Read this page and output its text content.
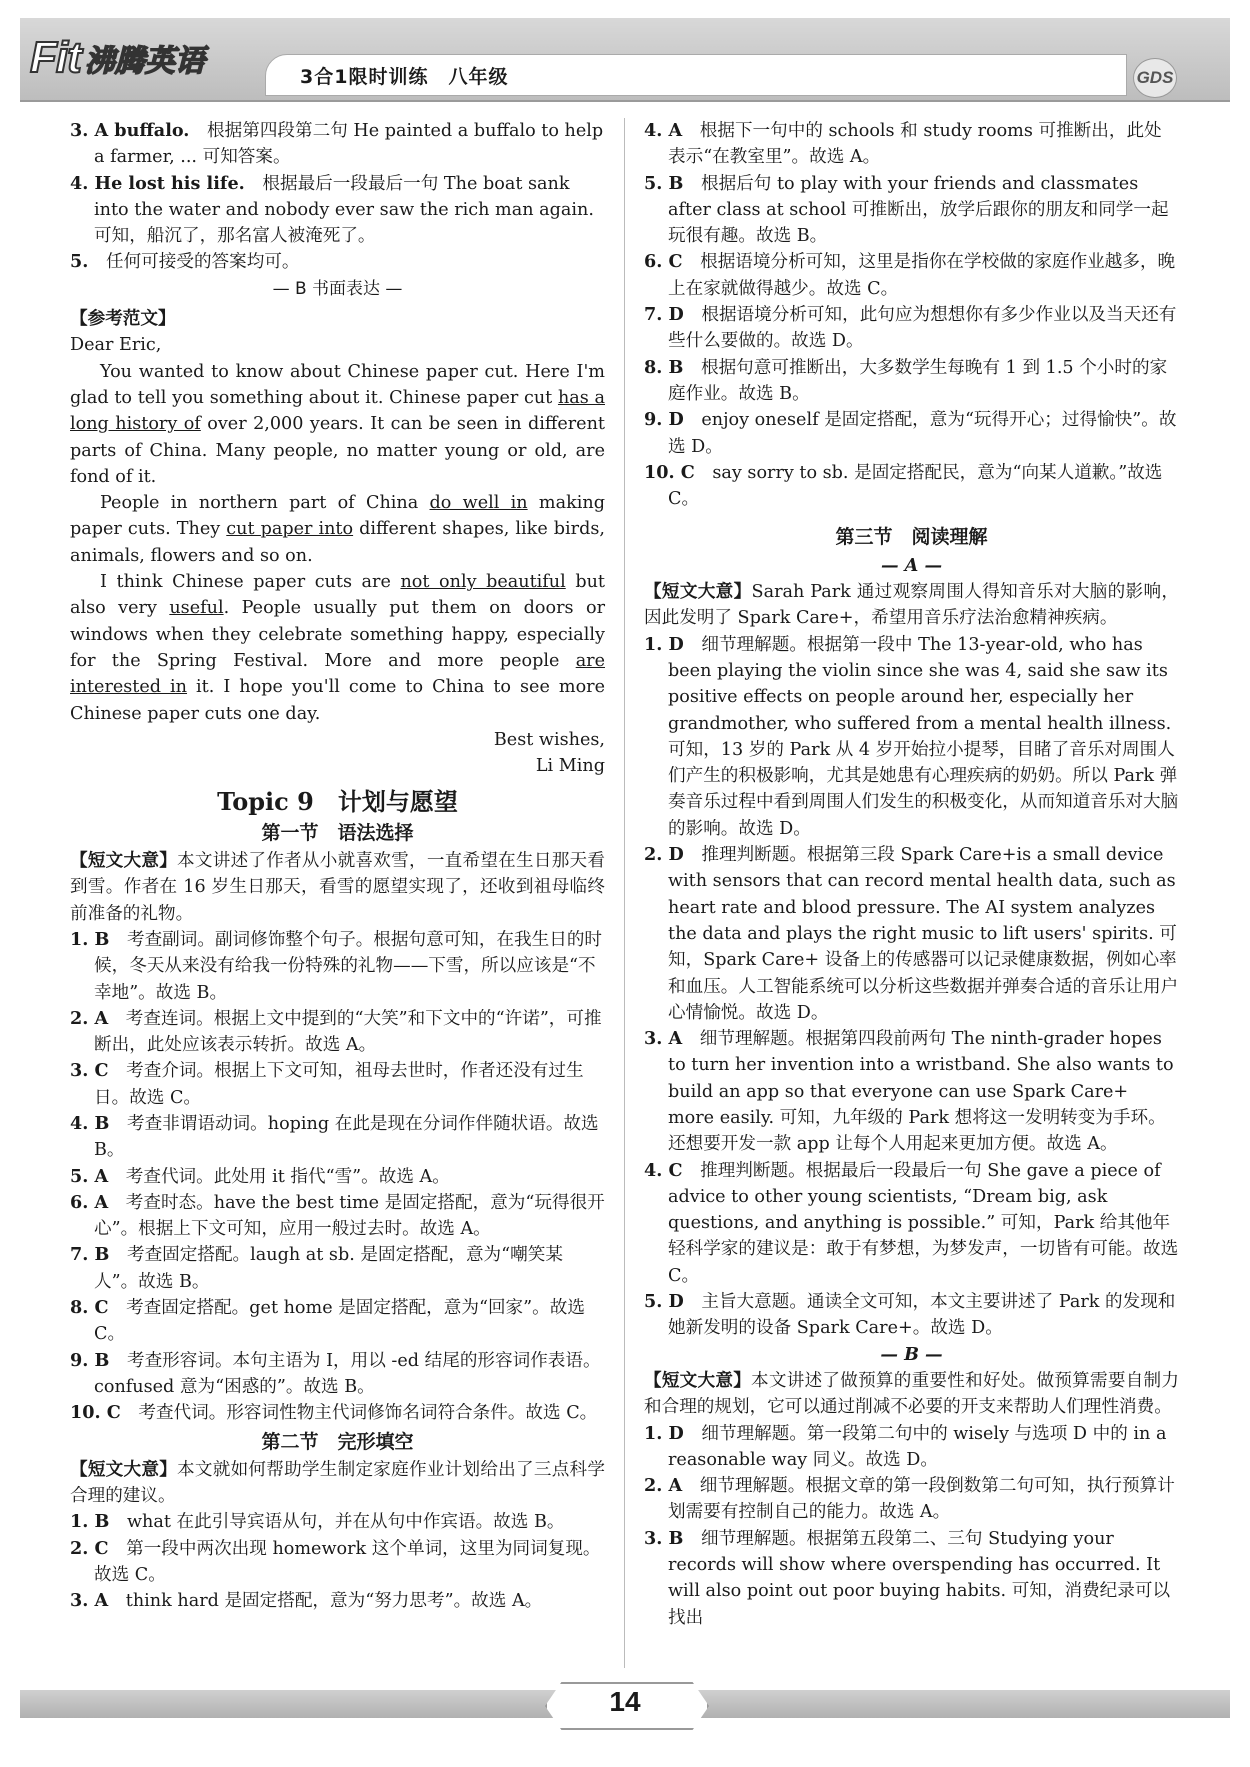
Fit 沸腾英语	3合1限时训练　八年级	GDS

3. A buffalo.　 根据第四段第二句 He painted a buffalo to help a farmer, ... 可知答案。

4. He lost his life.　 根据最后一段最后一句 The boat sank into the water and nobody ever saw the rich man again. 可知，船沉了，那名富人被淹死了。

5.　 任何可接受的答案均可。

— B 书面表达 —

【参考范文】

Dear Eric,

You wanted to know about Chinese paper cut. Here I'm glad to tell you something about it. Chinese paper cut has a long history of over 2,000 years. It can be seen in different parts of China. Many people, no matter young or old, are fond of it.

People in northern part of China do well in making paper cuts. They cut paper into different shapes, like birds, animals, flowers and so on.

I think Chinese paper cuts are not only beautiful but also very useful. People usually put them on doors or windows when they celebrate something happy, especially for the Spring Festival. More and more people are interested in it. I hope you'll come to China to see more Chinese paper cuts one day.

Best wishes,

Li Ming

Topic 9　计划与愿望

第一节　语法选择

【短文大意】本文讲述了作者从小就喜欢雪，一直希望在生日那天看到雪。作者在 16 岁生日那天，看雪的愿望实现了，还收到祖母临终前准备的礼物。

1. B　 考查副词。副词修饰整个句子。根据句意可知，在我生日的时候，冬天从来没有给我一份特殊的礼物——下雪，所以应该是“不幸地”。故选 B。

2. A　 考查连词。根据上文中提到的“大笑”和下文中的“许诺”，可推断出，此处应该表示转折。故选 A。

3. C　 考查介词。根据上下文可知，祖母去世时，作者还没有过生日。故选 C。

4. B　 考查非谓语动词。hoping 在此是现在分词作伴随状语。故选 B。

5. A　 考查代词。此处用 it 指代“雪”。故选 A。

6. A　 考查时态。have the best time 是固定搭配，意为“玩得很开心”。根据上下文可知，应用一般过去时。故选 A。

7. B　 考查固定搭配。laugh at sb. 是固定搭配，意为“嘲笑某人”。故选 B。

8. C　 考查固定搭配。get home 是固定搭配，意为“回家”。故选 C。

9. B　 考查形容词。本句主语为 I，用以 -ed 结尾的形容词作表语。confused 意为“困惑的”。故选 B。

10. C　 考查代词。形容词性物主代词修饰名词符合条件。故选 C。

第二节　完形填空

【短文大意】本文就如何帮助学生制定家庭作业计划给出了三点科学合理的建议。

1. B　 what 在此引导宾语从句，并在从句中作宾语。故选 B。

2. C　 第一段中两次出现 homework 这个单词，这里为同词复现。故选 C。

3. A　 think hard 是固定搭配，意为“努力思考”。故选 A。

4. A　 根据下一句中的 schools 和 study rooms 可推断出，此处表示“在教室里”。故选 A。

5. B　 根据后句 to play with your friends and classmates after class at school 可推断出，放学后跟你的朋友和同学一起玩很有趣。故选 B。

6. C　 根据语境分析可知，这里是指你在学校做的家庭作业越多，晚上在家就做得越少。故选 C。

7. D　 根据语境分析可知，此句应为想想你有多少作业以及当天还有些什么要做的。故选 D。

8. B　 根据句意可推断出，大多数学生每晚有 1 到 1.5 个小时的家庭作业。故选 B。

9. D　 enjoy oneself 是固定搭配，意为“玩得开心；过得愉快”。故选 D。

10. C　 say sorry to sb. 是固定搭配民，意为“向某人道歉。”故选 C。

第三节　阅读理解

— A —

【短文大意】Sarah Park 通过观察周围人得知音乐对大脑的影响，因此发明了 Spark Care+，希望用音乐疗法治愈精神疾病。

1. D　 细节理解题。根据第一段中 The 13-year-old, who has been playing the violin since she was 4, said she saw its positive effects on people around her, especially her grandmother, who suffered from a mental health illness. 可知，13 岁的 Park 从 4 岁开始拉小提琴，目睹了音乐对周围人们产生的积极影响，尤其是她患有心理疾病的奶奶。所以 Park 弹奏音乐过程中看到周围人们发生的积极变化，从而知道音乐对大脑的影响。故选 D。

2. D　 推理判断题。根据第三段 Spark Care+is a small device with sensors that can record mental health data, such as heart rate and blood pressure. The AI system analyzes the data and plays the right music to lift users' spirits. 可知，Spark Care+ 设备上的传感器可以记录健康数据，例如心率和血压。人工智能系统可以分析这些数据并弹奏合适的音乐让用户心情愉悦。故选 D。

3. A　 细节理解题。根据第四段前两句 The ninth-grader hopes to turn her invention into a wristband. She also wants to build an app so that everyone can use Spark Care+ more easily. 可知，九年级的 Park 想将这一发明转变为手环。还想要开发一款 app 让每个人用起来更加方便。故选 A。

4. C　 推理判断题。根据最后一段最后一句 She gave a piece of advice to other young scientists, “Dream big, ask questions, and anything is possible.” 可知，Park 给其他年轻科学家的建议是：敢于有梦想，为梦发声，一切皆有可能。故选 C。

5. D　 主旨大意题。通读全文可知，本文主要讲述了 Park 的发现和她新发明的设备 Spark Care+。故选 D。

— B —

【短文大意】本文讲述了做预算的重要性和好处。做预算需要自制力和合理的规划，它可以通过削减不必要的开支来帮助人们理性消费。

1. D　 细节理解题。第一段第二句中的 wisely 与选项 D 中的 in a reasonable way 同义。故选 D。

2. A　 细节理解题。根据文章的第一段倒数第二句可知，执行预算计划需要有控制自己的能力。故选 A。

3. B　 细节理解题。根据第五段第二、三句 Studying your records will show where overspending has occurred. It will also point out poor buying habits. 可知，消费纪录可以找出

14
